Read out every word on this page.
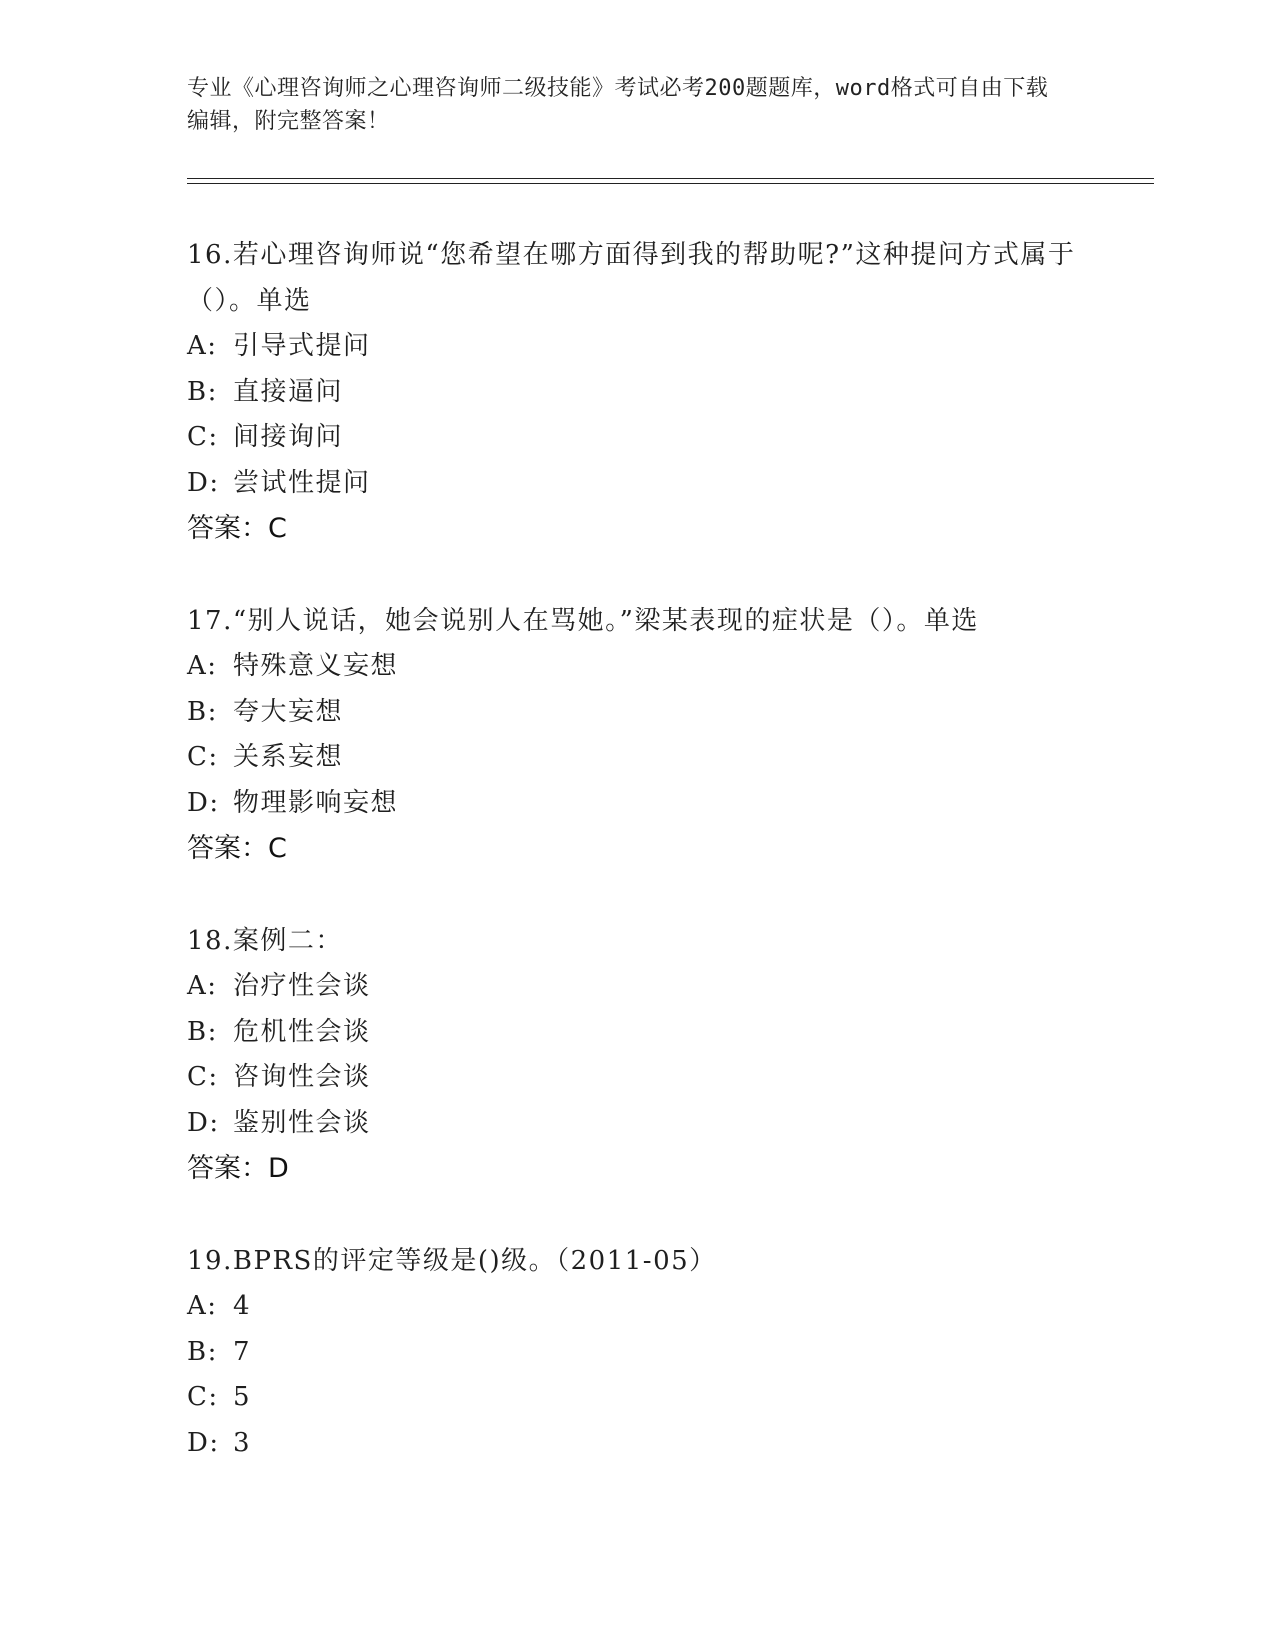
专业《心理咨询师之心理咨询师二级技能》考试必考200题题库，word格式可自由下载编辑，附完整答案！

16.若心理咨询师说“您希望在哪方面得到我的帮助呢?”这种提问方式属于（）。单选

A: 引导式提问

B: 直接逼问

C: 间接询问

D: 尝试性提问

答案：C

17.“别人说话，她会说别人在骂她。”梁某表现的症状是（）。单选

A: 特殊意义妄想

B: 夸大妄想

C: 关系妄想

D: 物理影响妄想

答案：C

18.案例二：

A: 治疗性会谈

B: 危机性会谈

C: 咨询性会谈

D: 鉴别性会谈

答案：D

19.BPRS的评定等级是()级。（2011-05）

A: 4

B: 7

C: 5

D: 3
